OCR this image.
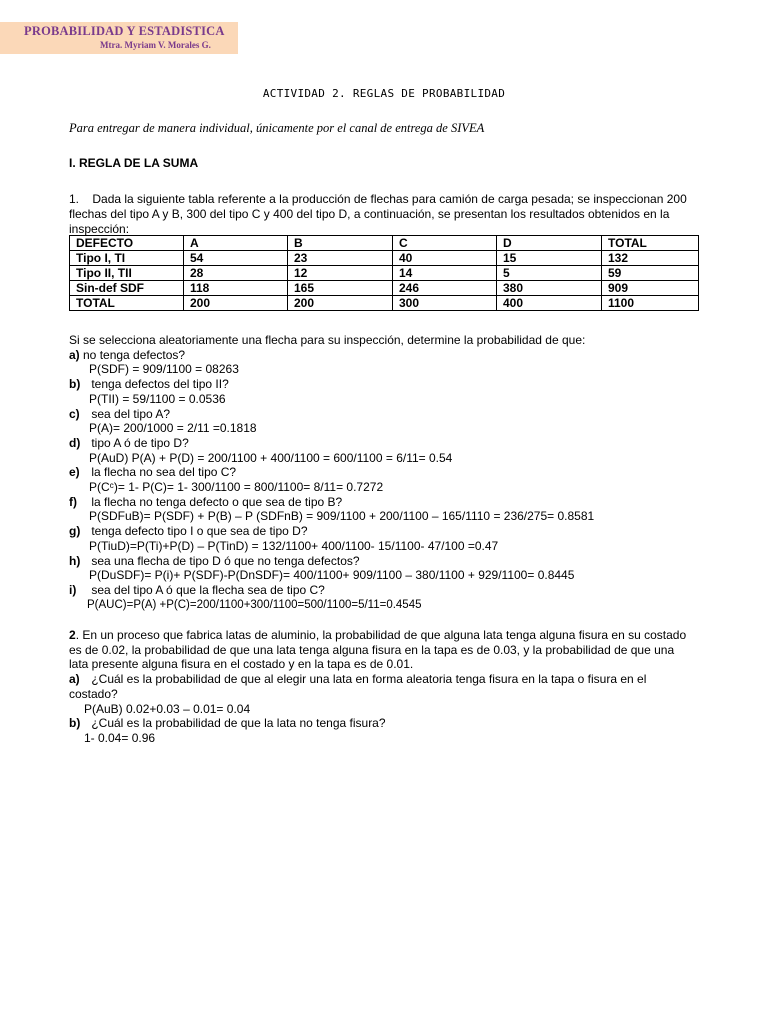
PROBABILIDAD Y ESTADISTICA
Mtra. Myriam V. Morales G.
ACTIVIDAD 2. REGLAS DE PROBABILIDAD
Para entregar de manera individual, únicamente por el canal de entrega de SIVEA
I. REGLA DE LA SUMA
1. Dada la siguiente tabla referente a la producción de flechas para camión de carga pesada; se inspeccionan 200 flechas del tipo A y B, 300 del tipo C y 400 del tipo D, a continuación, se presentan los resultados obtenidos en la inspección:
DEFECTO	A	B	C	D	TOTAL
Tipo I, TI	54	23	40	15	132
Tipo II, TII	28	12	14	5	59
Sin-def SDF	118	165	246	380	909
TOTAL	200	200	300	400	1100

Si se selecciona aleatoriamente una flecha para su inspección, determine la probabilidad de que:

a) no tenga defectos?

P(SDF) = 909/1100 = 08263

b) tenga defectos del tipo II?

P(TII) = 59/1100 = 0.0536

c) sea del tipo A?

P(A)= 200/1000 = 2/11 =0.1818

d) tipo A ó de tipo D?

P(AuD) P(A) + P(D) = 200/1100 + 400/1100 = 600/1100 = 6/11= 0.54

e) la flecha no sea del tipo C?

P(Cᶜ)= 1- P(C)= 1- 300/1100 = 800/1100= 8/11= 0.7272

f) la flecha no tenga defecto o que sea de tipo B?

P(SDFuB)= P(SDF) + P(B) – P (SDFnB) = 909/1100 + 200/1100 – 165/1110 = 236/275= 0.8581

g) tenga defecto tipo I o que sea de tipo D?

P(TiuD)=P(Ti)+P(D) – P(TinD) = 132/1100+ 400/1100- 15/1100- 47/100 =0.47

h) sea una flecha de tipo D ó que no tenga defectos?

P(DuSDF)= P(i)+ P(SDF)-P(DnSDF)= 400/1100+ 909/1100 – 380/1100 + 929/1100= 0.8445

i) sea del tipo A ó que la flecha sea de tipo C?

P(AUC)=P(A) +P(C)=200/1100+300/1100=500/1100=5/11=0.4545

2. En un proceso que fabrica latas de aluminio, la probabilidad de que alguna lata tenga alguna fisura en su costado es de 0.02, la probabilidad de que una lata tenga alguna fisura en la tapa es de 0.03, y la probabilidad de que una lata presente alguna fisura en el costado y en la tapa es de 0.01.

a) ¿Cuál es la probabilidad de que al elegir una lata en forma aleatoria tenga fisura en la tapa o fisura en el costado?

P(AuB) 0.02+0.03 – 0.01= 0.04

b) ¿Cuál es la probabilidad de que la lata no tenga fisura?

1- 0.04= 0.96
